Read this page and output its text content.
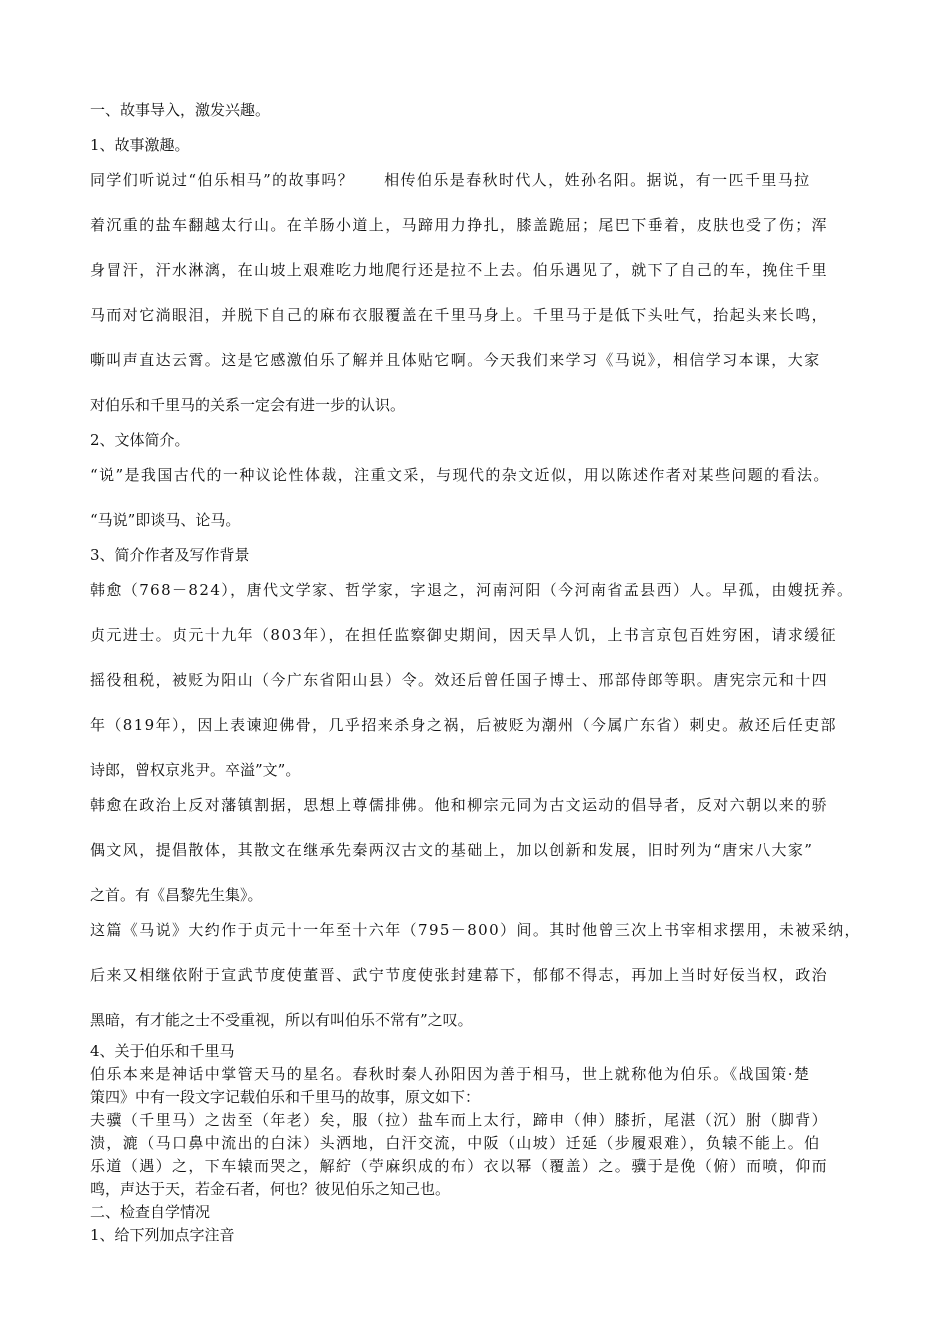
一、故事导入，激发兴趣。
1、故事激趣。
同学们听说过“伯乐相马”的故事吗？ 相传伯乐是春秋时代人，姓孙名阳。据说，有一匹千里马拉
着沉重的盐车翻越太行山。在羊肠小道上，马蹄用力挣扎，膝盖跪屈；尾巴下垂着，皮肤也受了伤；浑
身冒汗，汗水淋漓，在山坡上艰难吃力地爬行还是拉不上去。伯乐遇见了，就下了自己的车，挽住千里
马而对它淌眼泪，并脱下自己的麻布衣服覆盖在千里马身上。千里马于是低下头吐气，抬起头来长鸣，
嘶叫声直达云霄。这是它感激伯乐了解并且体贴它啊。今天我们来学习《马说》，相信学习本课，大家
对伯乐和千里马的关系一定会有进一步的认识。
2、文体简介。
“说”是我国古代的一种议论性体裁，注重文采，与现代的杂文近似，用以陈述作者对某些问题的看法。
“马说”即谈马、论马。
3、简介作者及写作背景
韩愈（768－824），唐代文学家、哲学家，字退之，河南河阳（今河南省孟县西）人。早孤，由嫂抚养。
贞元进士。贞元十九年（803年），在担任监察御史期间，因天旱人饥，上书言京包百姓穷困，请求缓征
摇役租税，被贬为阳山（今广东省阳山县）令。效还后曾任国子博士、邢部侍郎等职。唐宪宗元和十四
年（819年），因上表谏迎佛骨，几乎招来杀身之祸，后被贬为潮州（今属广东省）刺史。赦还后任吏部
诗郎，曾权京兆尹。卒溢”文”。
韩愈在政治上反对藩镇割据，思想上尊儒排佛。他和柳宗元同为古文运动的倡导者，反对六朝以来的骄
偶文风，提倡散体，其散文在继承先秦两汉古文的基础上，加以创新和发展，旧时列为“唐宋八大家”
之首。有《昌黎先生集》。
这篇《马说》大约作于贞元十一年至十六年（795－800）间。其时他曾三次上书宰相求摆用，未被采纳，
后来又相继依附于宣武节度使董晋、武宁节度使张封建幕下，郁郁不得志，再加上当时好佞当权，政治
黑暗，有才能之士不受重视，所以有叫伯乐不常有”之叹。
4、关于伯乐和千里马
伯乐本来是神话中掌管天马的星名。春秋时秦人孙阳因为善于相马，世上就称他为伯乐。《战国策·楚
策四》中有一段文字记载伯乐和千里马的故事，原文如下：
夫骥（千里马）之齿至（年老）矣，服（拉）盐车而上太行，蹄申（伸）膝折，尾湛（沉）胕（脚背）
溃，漉（马口鼻中流出的白沫）头洒地，白汗交流，中阪（山坡）迁延（步履艰难），负辕不能上。伯
乐道（遇）之，下车辕而哭之，解紵（苧麻织成的布）衣以幂（覆盖）之。骥于是俛（俯）而喷，仰而
鸣，声达于天，若金石者，何也？彼见伯乐之知己也。
二、检查自学情况
1、给下列加点字注音
